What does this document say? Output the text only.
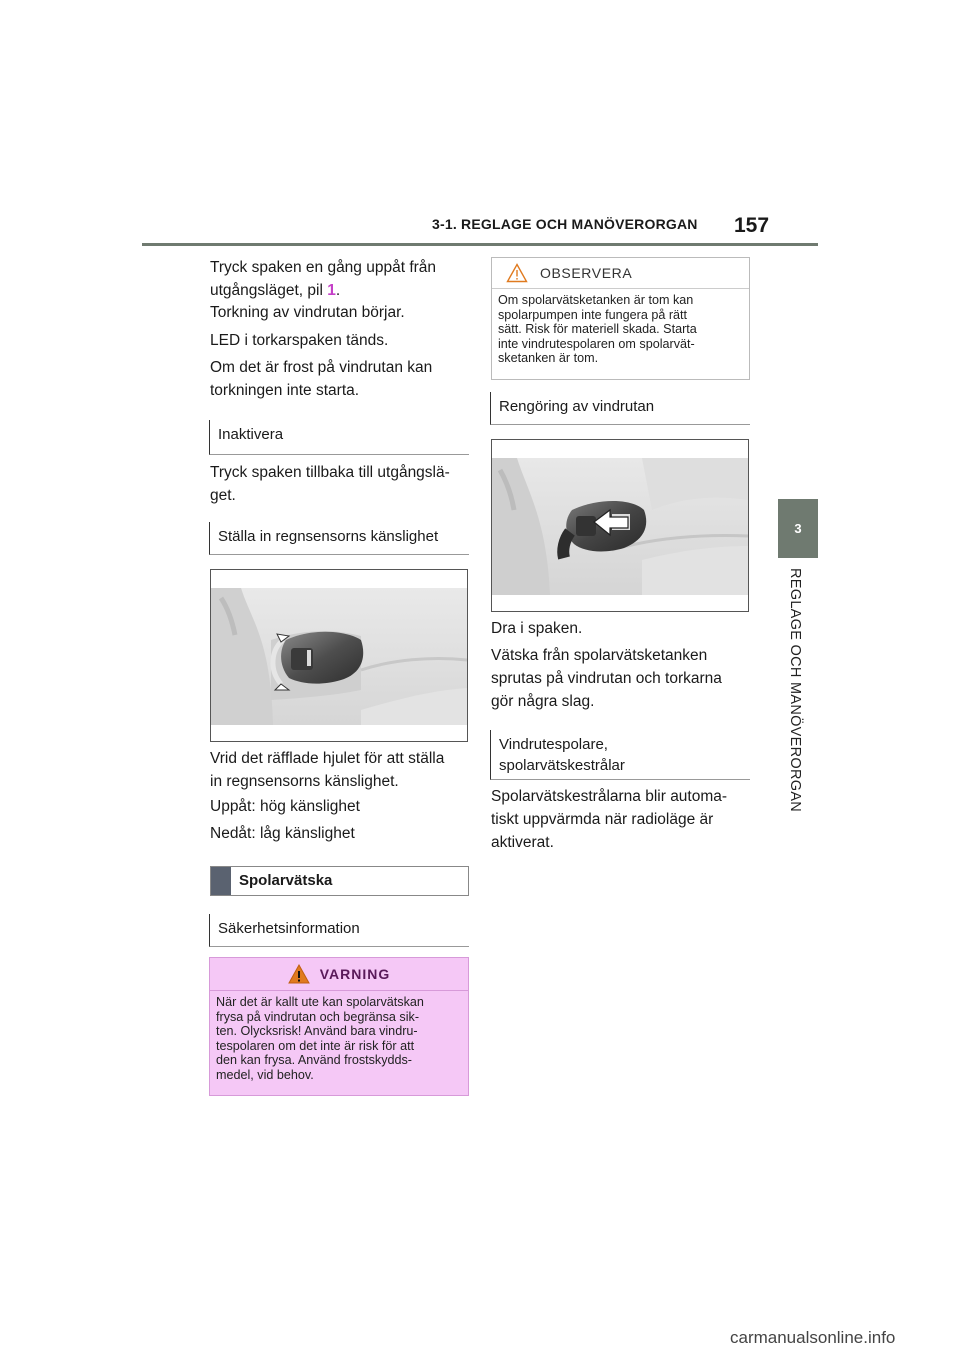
3-1. REGLAGE OCH MANÖVERORGAN 157
3
REGLAGE OCH MANÖVERORGAN
Tryck spaken en gång uppåt från
utgångsläget, pil 1.
Torkning av vindrutan börjar.
LED i torkarspaken tänds.
Om det är frost på vindrutan kan
torkningen inte starta.
Inaktivera
Tryck spaken tillbaka till utgångslä-
get.
Ställa in regnsensorns känslighet
Vrid det räfflade hjulet för att ställa
in regnsensorns känslighet.
Uppåt: hög känslighet
Nedåt: låg känslighet
Spolarvätska
Säkerhetsinformation
VARNING
När det är kallt ute kan spolarvätskan
frysa på vindrutan och begränsa sik-
ten. Olycksrisk! Använd bara vindru-
tespolaren om det inte är risk för att
den kan frysa. Använd frostskydds-
medel, vid behov.
OBSERVERA
Om spolarvätsketanken är tom kan
spolarpumpen inte fungera på rätt
sätt. Risk för materiell skada. Starta
inte vindrutespolaren om spolarvät-
sketanken är tom.
Rengöring av vindrutan
Dra i spaken.
Vätska från spolarvätsketanken
sprutas på vindrutan och torkarna
gör några slag.
Vindrutespolare,
spolarvätskestrålar
Spolarvätskestrålarna blir automa-
tiskt uppvärmda när radioläge är
aktiverat.
carmanualsonline.info
